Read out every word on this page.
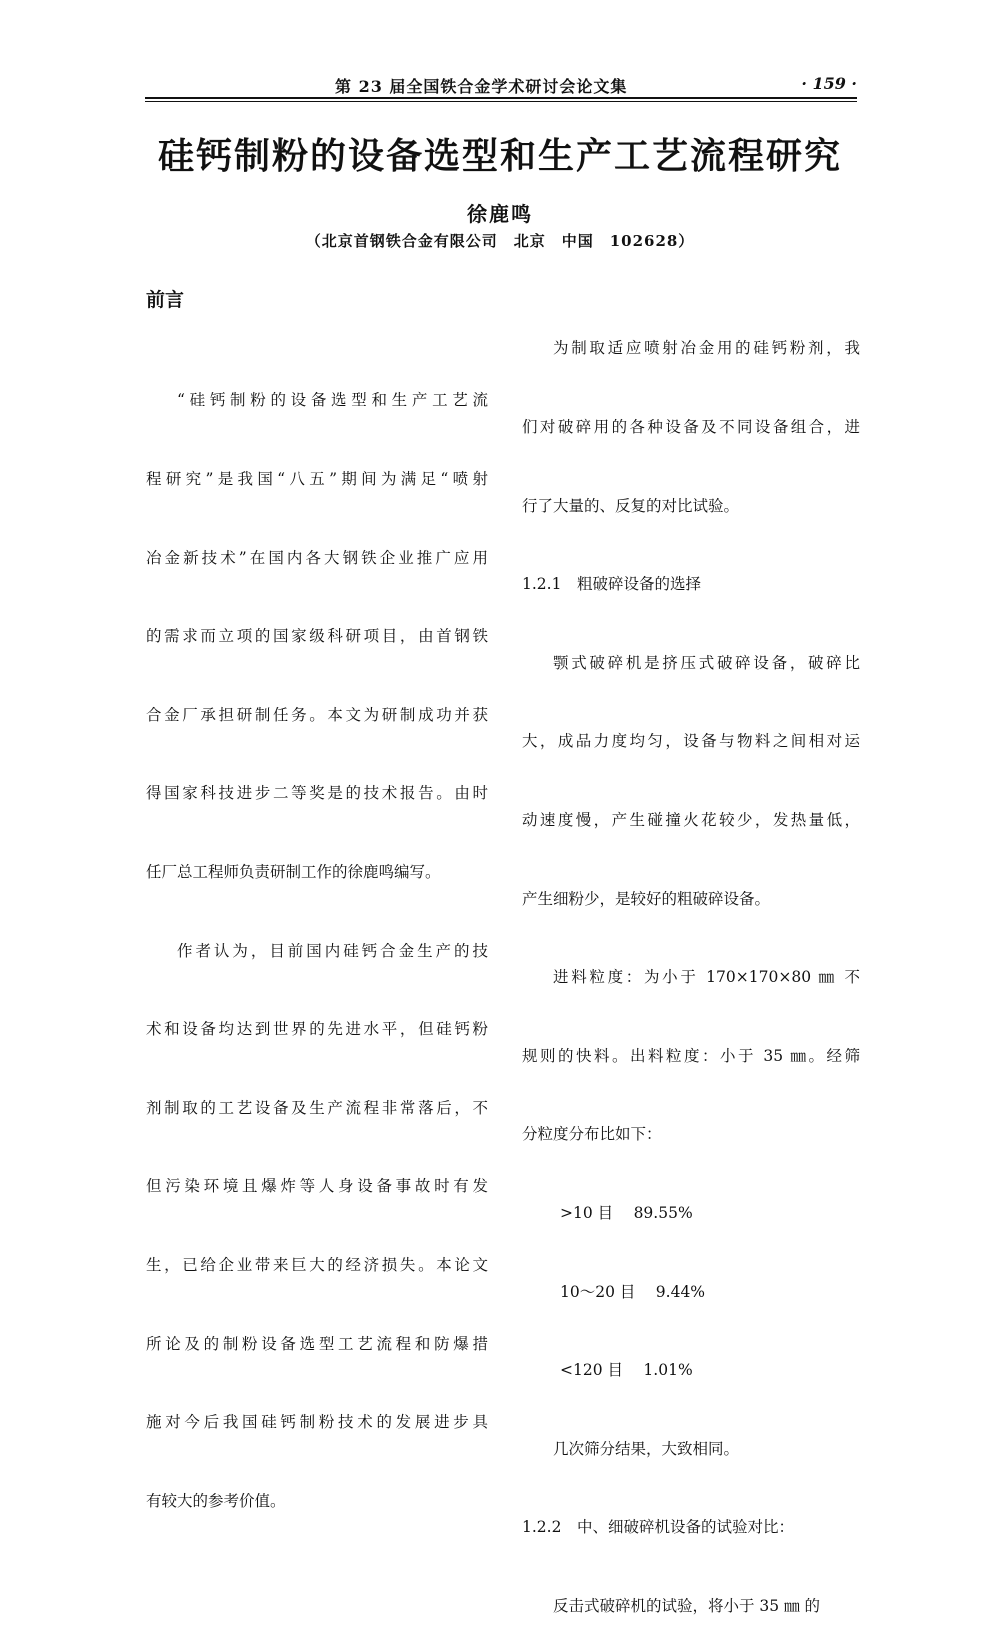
第 23 届全国铁合金学术研讨会论文集	· 159 ·
硅钙制粉的设备选型和生产工艺流程研究
徐鹿鸣
（北京首钢铁合金有限公司　北京　中国　102628）
前言

“硅钙制粉的设备选型和生产工艺流

程研究”是我国“八五”期间为满足“喷射

冶金新技术”在国内各大钢铁企业推广应用

的需求而立项的国家级科研项目，由首钢铁

合金厂承担研制任务。本文为研制成功并获

得国家科技进步二等奖是的技术报告。由时

任厂总工程师负责研制工作的徐鹿鸣编写。

作者认为，目前国内硅钙合金生产的技

术和设备均达到世界的先进水平，但硅钙粉

剂制取的工艺设备及生产流程非常落后，不

但污染环境且爆炸等人身设备事故时有发

生，已给企业带来巨大的经济损失。本论文

所论及的制粉设备选型工艺流程和防爆措

施对今后我国硅钙制粉技术的发展进步具

有较大的参考价值。

为制取适应喷射冶金用的硅钙粉剂，我

们对破碎用的各种设备及不同设备组合，进

行了大量的、反复的对比试验。

1.2.1　粗破碎设备的选择

颚式破碎机是挤压式破碎设备，破碎比

大，成品力度均匀，设备与物料之间相对运

动速度慢，产生碰撞火花较少，发热量低，

产生细粉少，是较好的粗破碎设备。

进料粒度：为小于 170×170×80 ㎜ 不

规则的快料。出料粒度：小于 35 ㎜。经筛

分粒度分布比如下：

>10 目　 89.55%

10～20 目　 9.44%

<120 目　 1.01%

几次筛分结果，大致相同。

1.2.2　中、细破碎机设备的试验对比：

反击式破碎机的试验，将小于 35 ㎜ 的
